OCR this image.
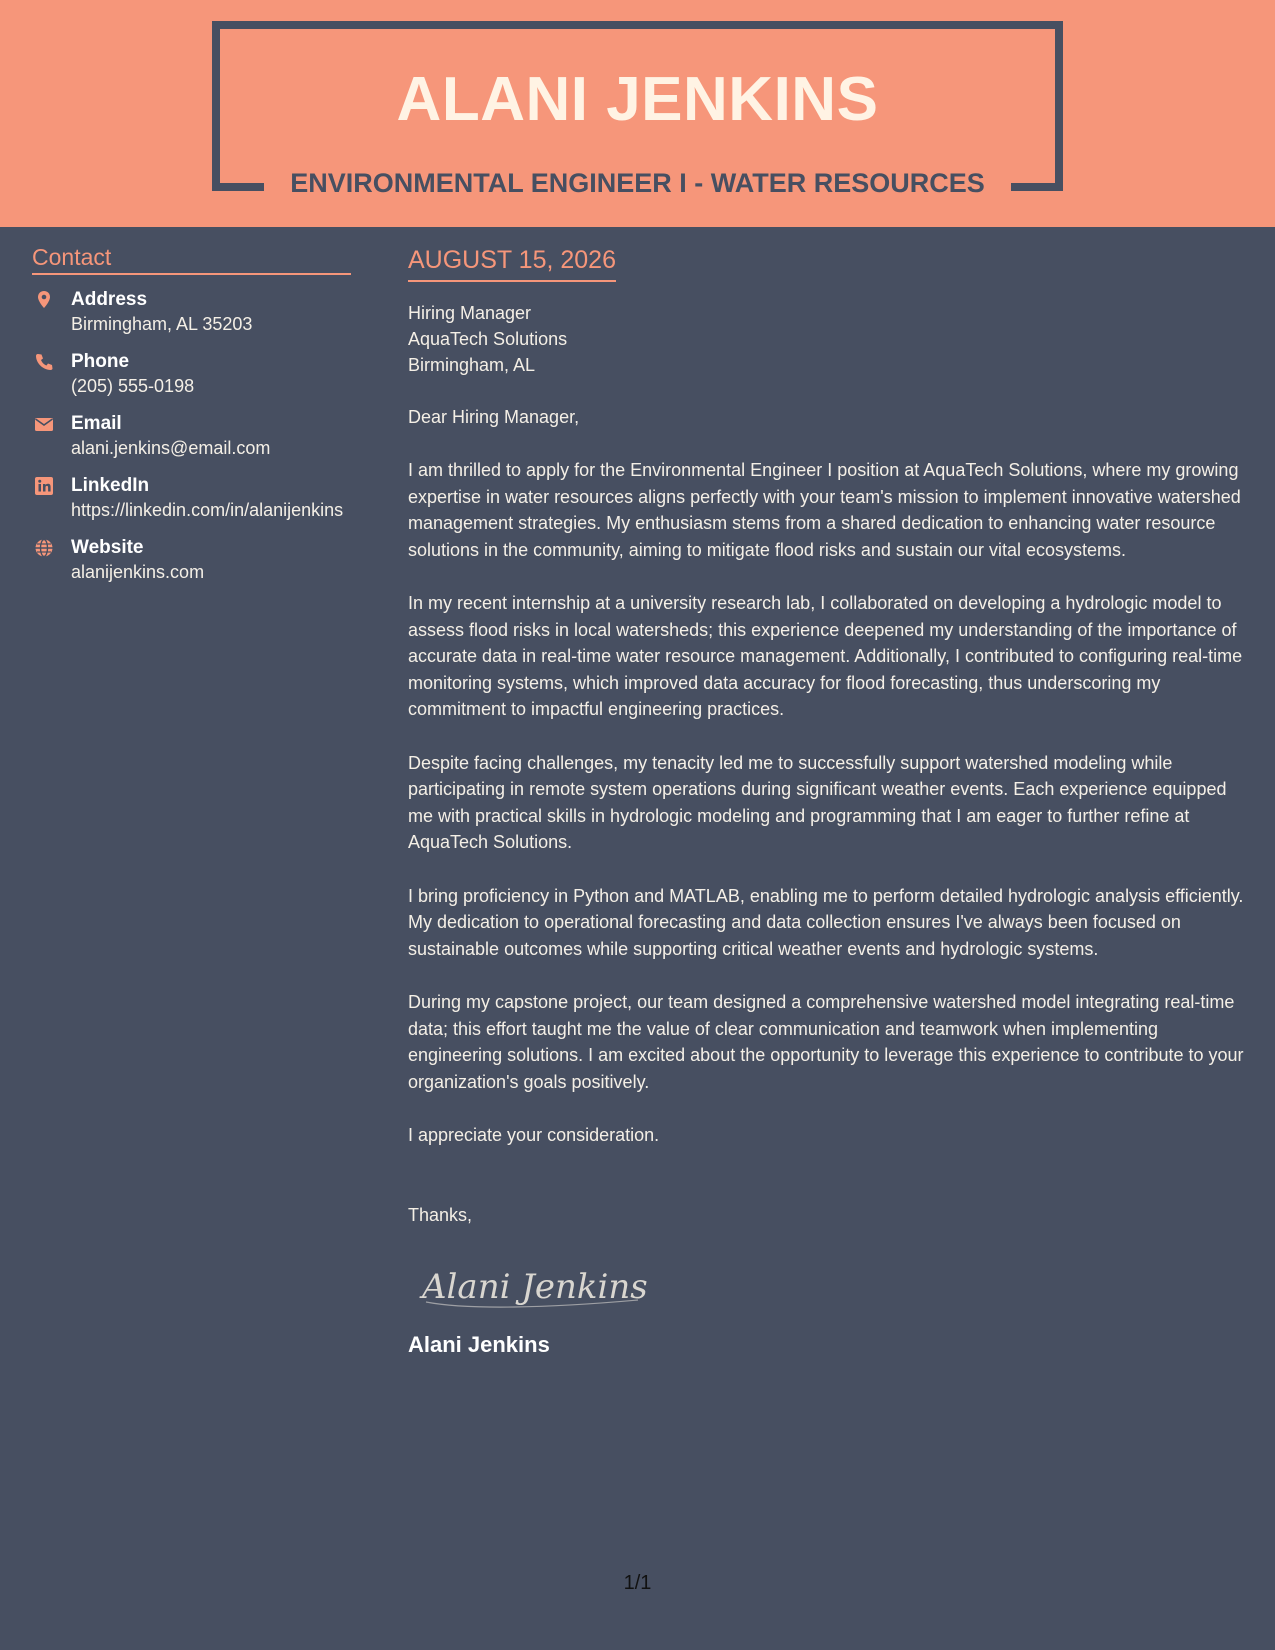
ALANI JENKINS
ENVIRONMENTAL ENGINEER I - WATER RESOURCES
Contact
Address
Birmingham, AL 35203
Phone
(205) 555-0198
Email
alani.jenkins@email.com
LinkedIn
https://linkedin.com/in/alanijenkins
Website
alanijenkins.com
AUGUST 15, 2026
Hiring Manager
AquaTech Solutions
Birmingham, AL
Dear Hiring Manager,
I am thrilled to apply for the Environmental Engineer I position at AquaTech Solutions, where my growing expertise in water resources aligns perfectly with your team's mission to implement innovative watershed management strategies. My enthusiasm stems from a shared dedication to enhancing water resource solutions in the community, aiming to mitigate flood risks and sustain our vital ecosystems.
In my recent internship at a university research lab, I collaborated on developing a hydrologic model to assess flood risks in local watersheds; this experience deepened my understanding of the importance of accurate data in real-time water resource management. Additionally, I contributed to configuring real-time monitoring systems, which improved data accuracy for flood forecasting, thus underscoring my commitment to impactful engineering practices.
Despite facing challenges, my tenacity led me to successfully support watershed modeling while participating in remote system operations during significant weather events. Each experience equipped me with practical skills in hydrologic modeling and programming that I am eager to further refine at AquaTech Solutions.
I bring proficiency in Python and MATLAB, enabling me to perform detailed hydrologic analysis efficiently. My dedication to operational forecasting and data collection ensures I've always been focused on sustainable outcomes while supporting critical weather events and hydrologic systems.
During my capstone project, our team designed a comprehensive watershed model integrating real-time data; this effort taught me the value of clear communication and teamwork when implementing engineering solutions. I am excited about the opportunity to leverage this experience to contribute to your organization's goals positively.
I appreciate your consideration.
Thanks,
Alani Jenkins
Alani Jenkins
1/1
